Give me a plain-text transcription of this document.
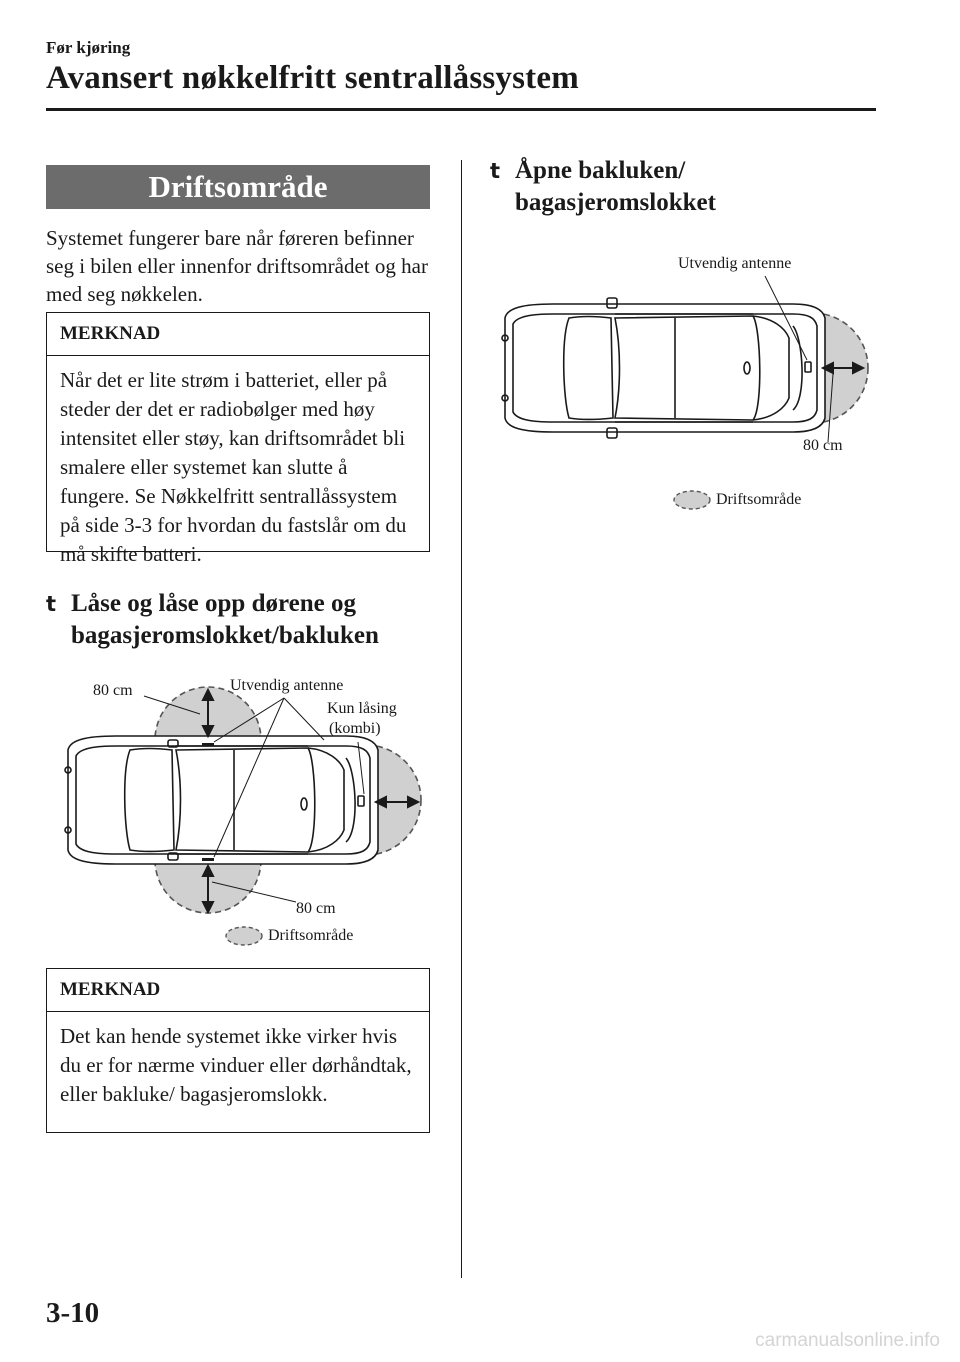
Før kjøring
Avansert nøkkelfritt sentrallåssystem
Driftsområde
Systemet fungerer bare når føreren befinner seg i bilen eller innenfor driftsområdet og har med seg nøkkelen.
MERKNAD
Når det er lite strøm i batteriet, eller på steder der det er radiobølger med høy intensitet eller støy, kan driftsområdet bli smalere eller systemet kan slutte å fungere. Se Nøkkelfritt sentrallåssystem på side 3-3 for hvordan du fastslår om du må skifte batteri.
t Låse og låse opp dørene og bagasjeromslokket/bakluken
80 cm	Utvendig antenne
Kun låsing
(kombi)
80 cm
Driftsområde
MERKNAD
Det kan hende systemet ikke virker hvis du er for nærme vinduer eller dørhåndtak, eller bakluke/ bagasjeromslokk.
t Åpne bakluken/ bagasjeromslokket
Utvendig antenne
80 cm
Driftsområde
3-10
carmanualsonline.info
